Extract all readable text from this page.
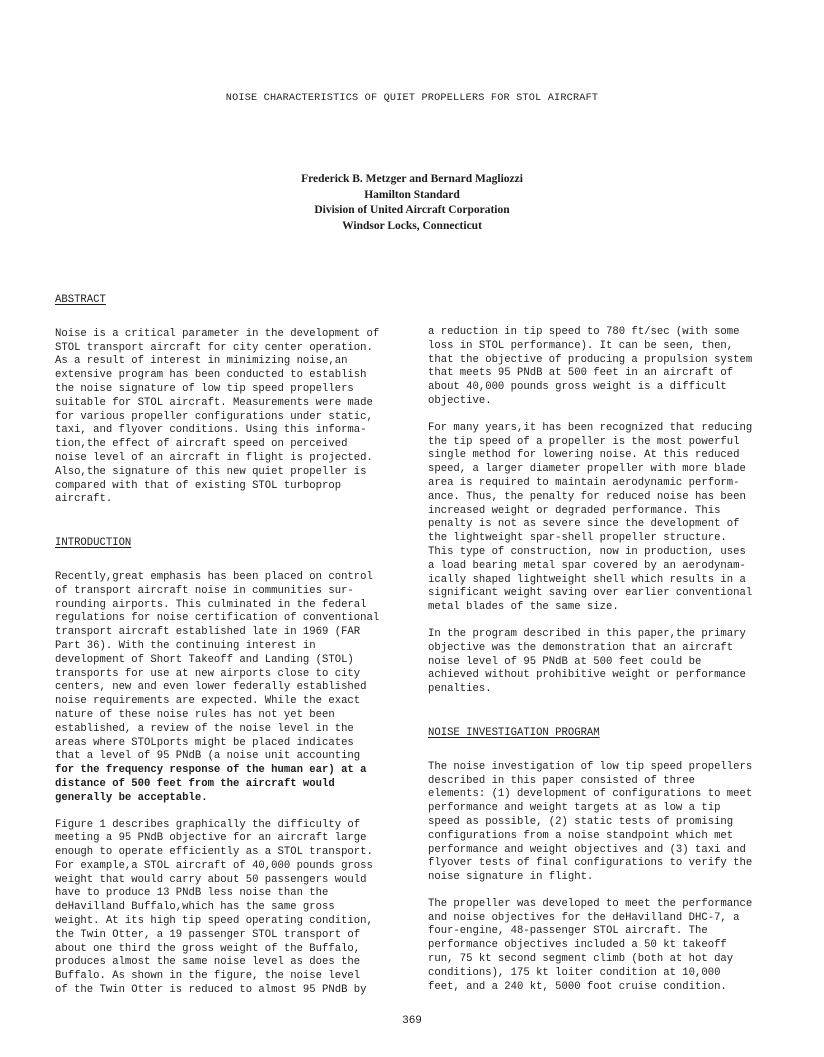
NOISE CHARACTERISTICS OF QUIET PROPELLERS FOR STOL AIRCRAFT
Frederick B. Metzger and Bernard Magliozzi
Hamilton Standard
Division of United Aircraft Corporation
Windsor Locks, Connecticut
ABSTRACT
Noise is a critical parameter in the development of
STOL transport aircraft for city center operation.
As a result of interest in minimizing noise,an
extensive program has been conducted to establish
the noise signature of low tip speed propellers
suitable for STOL aircraft. Measurements were made
for various propeller configurations under static,
taxi, and flyover conditions. Using this informa-
tion,the effect of aircraft speed on perceived
noise level of an aircraft in flight is projected.
Also,the signature of this new quiet propeller is
compared with that of existing STOL turboprop
aircraft.
INTRODUCTION
Recently,great emphasis has been placed on control
of transport aircraft noise in communities sur-
rounding airports. This culminated in the federal
regulations for noise certification of conventional
transport aircraft established late in 1969 (FAR
Part 36). With the continuing interest in
development of Short Takeoff and Landing (STOL)
transports for use at new airports close to city
centers, new and even lower federally established
noise requirements are expected. While the exact
nature of these noise rules has not yet been
established, a review of the noise level in the
areas where STOLports might be placed indicates
that a level of 95 PNdB (a noise unit accounting
for the frequency response of the human ear) at a
distance of 500 feet from the aircraft would
generally be acceptable.
Figure 1 describes graphically the difficulty of
meeting a 95 PNdB objective for an aircraft large
enough to operate efficiently as a STOL transport.
For example,a STOL aircraft of 40,000 pounds gross
weight that would carry about 50 passengers would
have to produce 13 PNdB less noise than the
deHavilland Buffalo,which has the same gross
weight. At its high tip speed operating condition,
the Twin Otter, a 19 passenger STOL transport of
about one third the gross weight of the Buffalo,
produces almost the same noise level as does the
Buffalo. As shown in the figure, the noise level
of the Twin Otter is reduced to almost 95 PNdB by
a reduction in tip speed to 780 ft/sec (with some
loss in STOL performance). It can be seen, then,
that the objective of producing a propulsion system
that meets 95 PNdB at 500 feet in an aircraft of
about 40,000 pounds gross weight is a difficult
objective.
For many years,it has been recognized that reducing
the tip speed of a propeller is the most powerful
single method for lowering noise. At this reduced
speed, a larger diameter propeller with more blade
area is required to maintain aerodynamic perform-
ance. Thus, the penalty for reduced noise has been
increased weight or degraded performance. This
penalty is not as severe since the development of
the lightweight spar-shell propeller structure.
This type of construction, now in production, uses
a load bearing metal spar covered by an aerodynam-
ically shaped lightweight shell which results in a
significant weight saving over earlier conventional
metal blades of the same size.
In the program described in this paper,the primary
objective was the demonstration that an aircraft
noise level of 95 PNdB at 500 feet could be
achieved without prohibitive weight or performance
penalties.
NOISE INVESTIGATION PROGRAM
The noise investigation of low tip speed propellers
described in this paper consisted of three
elements: (1) development of configurations to meet
performance and weight targets at as low a tip
speed as possible, (2) static tests of promising
configurations from a noise standpoint which met
performance and weight objectives and (3) taxi and
flyover tests of final configurations to verify the
noise signature in flight.
The propeller was developed to meet the performance
and noise objectives for the deHavilland DHC-7, a
four-engine, 48-passenger STOL aircraft. The
performance objectives included a 50 kt takeoff
run, 75 kt second segment climb (both at hot day
conditions), 175 kt loiter condition at 10,000
feet, and a 240 kt, 5000 foot cruise condition.
369
